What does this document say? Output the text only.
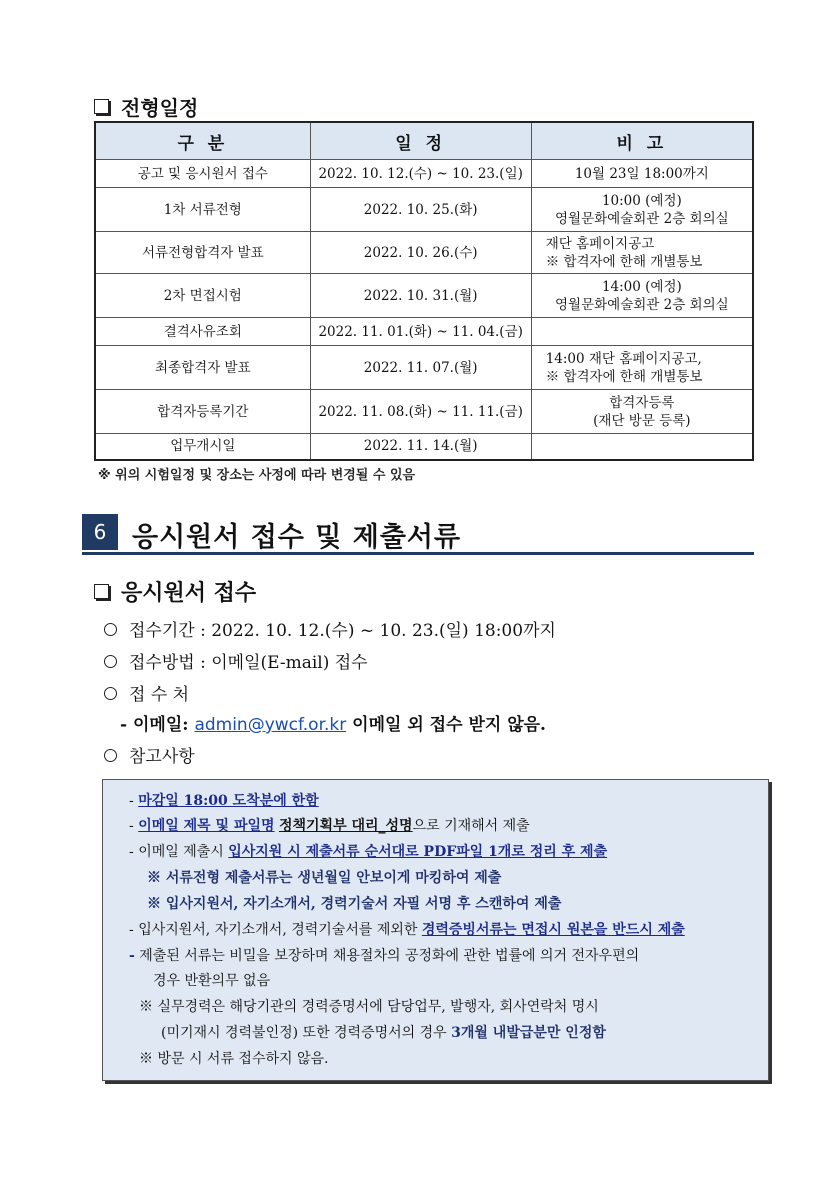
전형일정
구 분	일 정	비 고
공고 및 응시원서 접수	2022. 10. 12.(수) ~ 10. 23.(일)	10월 23일 18:00까지

1차 서류전형	2022. 10. 25.(화)	10:00 (예정)
영월문화예술회관 2층 회의실

서류전형합격자 발표	2022. 10. 26.(수)	재단 홈페이지공고
※ 합격자에 한해 개별통보

2차 면접시험	2022. 10. 31.(월)	14:00 (예정)
영월문화예술회관 2층 회의실

결격사유조회	2022. 11. 01.(화) ~ 11. 04.(금)	
최종합격자 발표	2022. 11. 07.(월)	14:00 재단 홈페이지공고,
※ 합격자에 한해 개별통보

합격자등록기간	2022. 11. 08.(화) ~ 11. 11.(금)	합격자등록
(재단 방문 등록)

업무개시일	2022. 11. 14.(월)	
※ 위의 시험일정 및 장소는 사정에 따라 변경될 수 있음
6 응시원서 접수 및 제출서류
응시원서 접수
접수기간 : 2022. 10. 12.(수) ~ 10. 23.(일) 18:00까지
접수방법 : 이메일(E-mail) 접수
접 수 처
- 이메일: admin@ywcf.or.kr 이메일 외 접수 받지 않음.
참고사항
- 마감일 18:00 도착분에 한함
- 이메일 제목 및 파일명 정책기획부 대리_성명으로 기재해서 제출
- 이메일 제출시 입사지원 시 제출서류 순서대로 PDF파일 1개로 정리 후 제출
※ 서류전형 제출서류는 생년월일 안보이게 마킹하여 제출
※ 입사지원서, 자기소개서, 경력기술서 자필 서명 후 스캔하여 제출
- 입사지원서, 자기소개서, 경력기술서를 제외한 경력증빙서류는 면접시 원본을 반드시 제출
- 제출된 서류는 비밀을 보장하며 채용절차의 공정화에 관한 법률에 의거 전자우편의
경우 반환의무 없음
※ 실무경력은 해당기관의 경력증명서에 담당업무, 발행자, 회사연락처 명시
(미기재시 경력불인정) 또한 경력증명서의 경우 3개월 내발급분만 인정함
※ 방문 시 서류 접수하지 않음.
